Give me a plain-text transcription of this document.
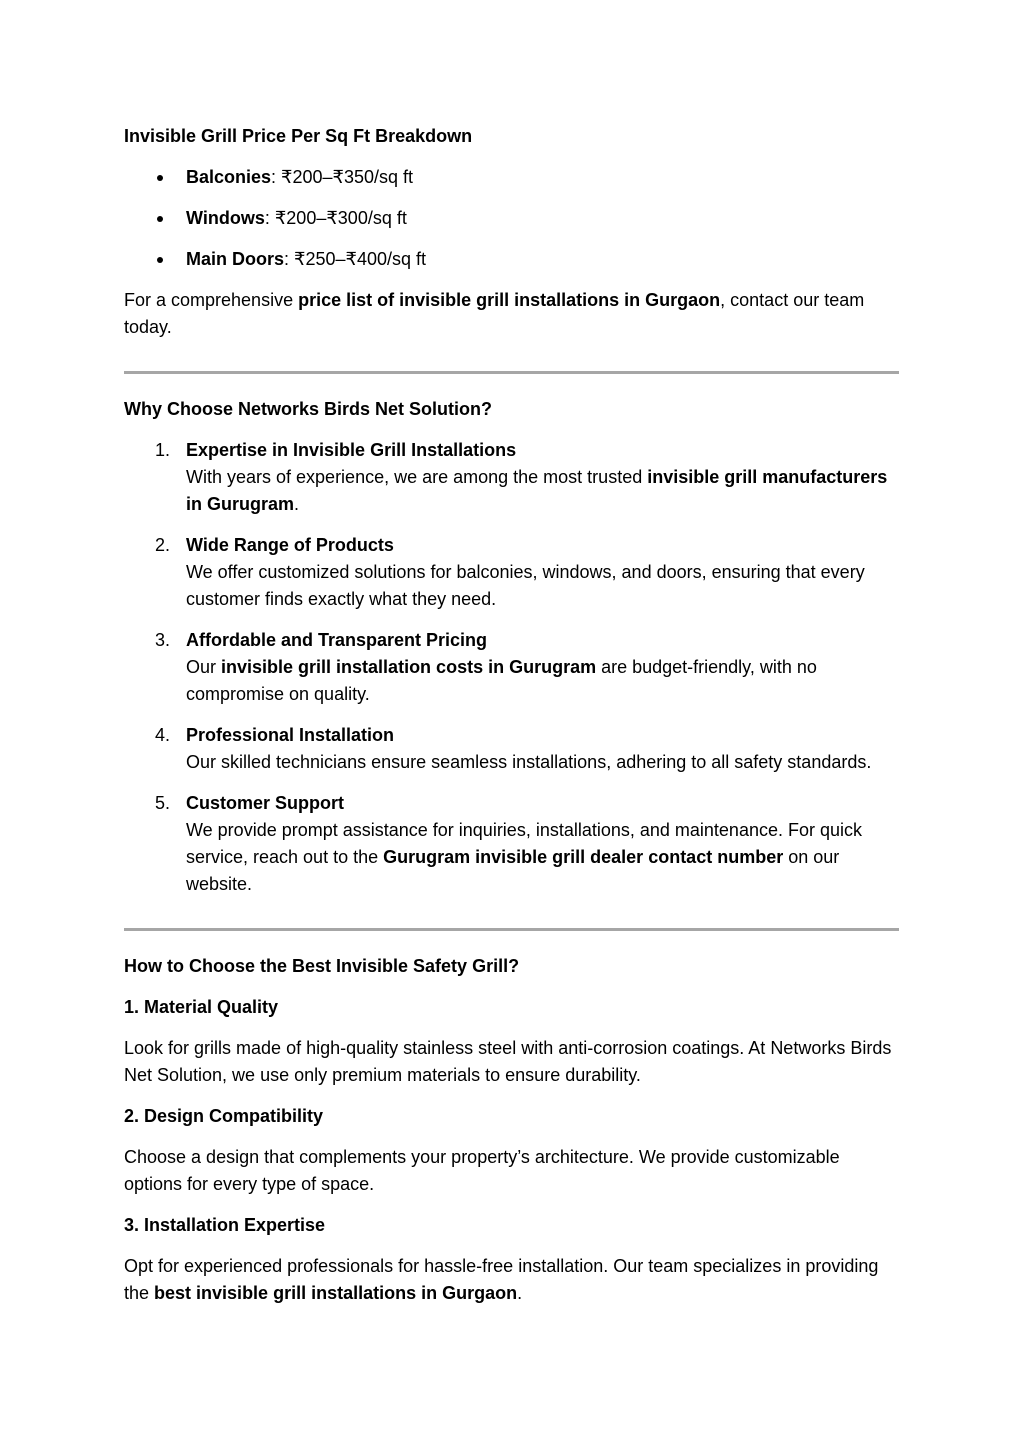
Invisible Grill Price Per Sq Ft Breakdown
Balconies: ₹200–₹350/sq ft
Windows: ₹200–₹300/sq ft
Main Doors: ₹250–₹400/sq ft

For a comprehensive price list of invisible grill installations in Gurgaon, contact our team today.

Why Choose Networks Birds Net Solution?
1. Expertise in Invisible Grill Installations
With years of experience, we are among the most trusted invisible grill manufacturers in Gurugram.
2. Wide Range of Products
We offer customized solutions for balconies, windows, and doors, ensuring that every customer finds exactly what they need.
3. Affordable and Transparent Pricing
Our invisible grill installation costs in Gurugram are budget-friendly, with no compromise on quality.
4. Professional Installation
Our skilled technicians ensure seamless installations, adhering to all safety standards.
5. Customer Support
We provide prompt assistance for inquiries, installations, and maintenance. For quick service, reach out to the Gurugram invisible grill dealer contact number on our website.
How to Choose the Best Invisible Safety Grill?
1. Material Quality

Look for grills made of high-quality stainless steel with anti-corrosion coatings. At Networks Birds Net Solution, we use only premium materials to ensure durability.

2. Design Compatibility

Choose a design that complements your property’s architecture. We provide customizable options for every type of space.

3. Installation Expertise

Opt for experienced professionals for hassle-free installation. Our team specializes in providing the best invisible grill installations in Gurgaon.
